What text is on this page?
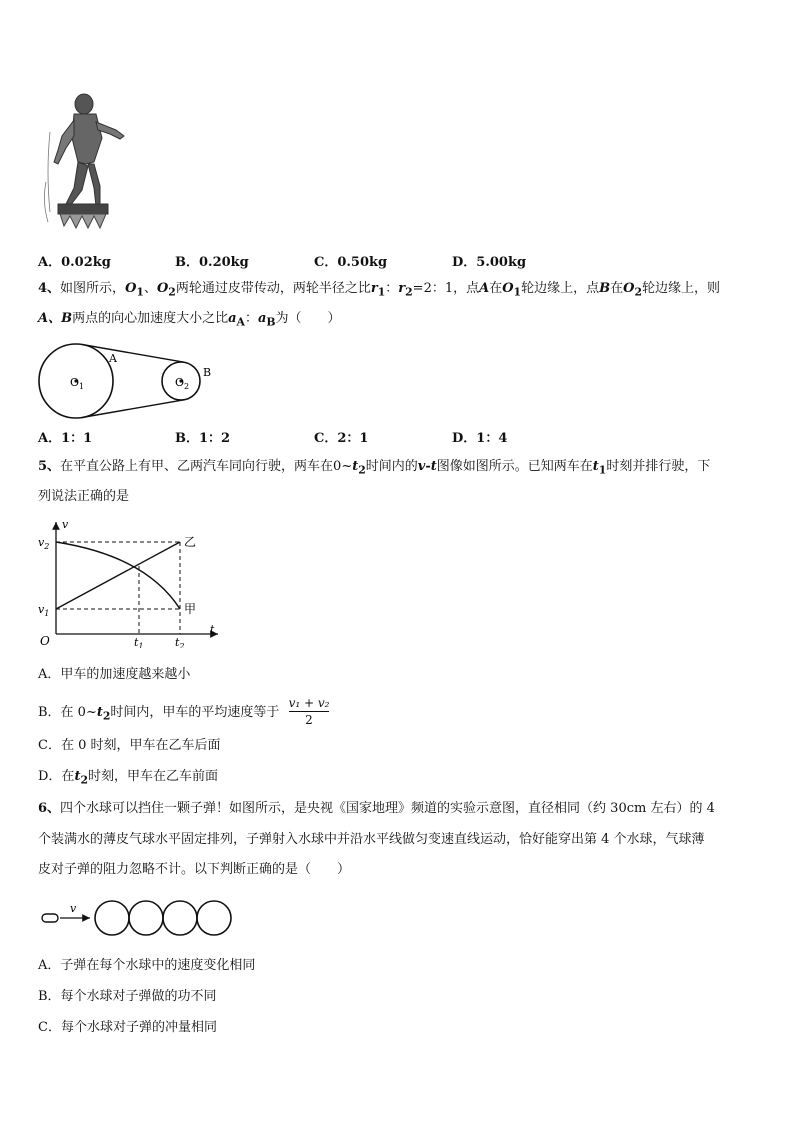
A．0.02kg	B．0.20kg	C．0.50kg	D．5.00kg
4、如图所示，$O_1$、$O_2$两轮通过皮带传动，两轮半径之比$r_1$：$r_2=2$：1，点A在$O_1$轮边缘上，点B在$O_2$轮边缘上，则
A、B两点的向心加速度大小之比$a_A$：$a_B$为（　　）
$O_1$	$O_2$
A
B
A．1：1	B．1：2	C．2：1	D．1：4
5、在平直公路上有甲、乙两汽车同向行驶，两车在$0\sim t_2$时间内的v-t图像如图所示。已知两车在$t_1$时刻并排行驶，下
列说法正确的是
v
t
O
$v_2$
$v_1$
$t_1$	$t_2$
乙
甲
A．甲车的加速度越来越小
B．在 $0\sim t_2$时间内，甲车的平均速度等于
v₁ + v₂
2
C．在 0 时刻，甲车在乙车后面
D．在$t_2$时刻，甲车在乙车前面
6、四个水球可以挡住一颗子弹！如图所示，是央视《国家地理》频道的实验示意图，直径相同（约 30cm 左右）的 4
个装满水的薄皮气球水平固定排列，子弹射入水球中并沿水平线做匀变速直线运动，恰好能穿出第 4 个水球，气球薄
皮对子弹的阻力忽略不计。以下判断正确的是（　　）
v
A．子弹在每个水球中的速度变化相同
B．每个水球对子弹做的功不同
C．每个水球对子弹的冲量相同
